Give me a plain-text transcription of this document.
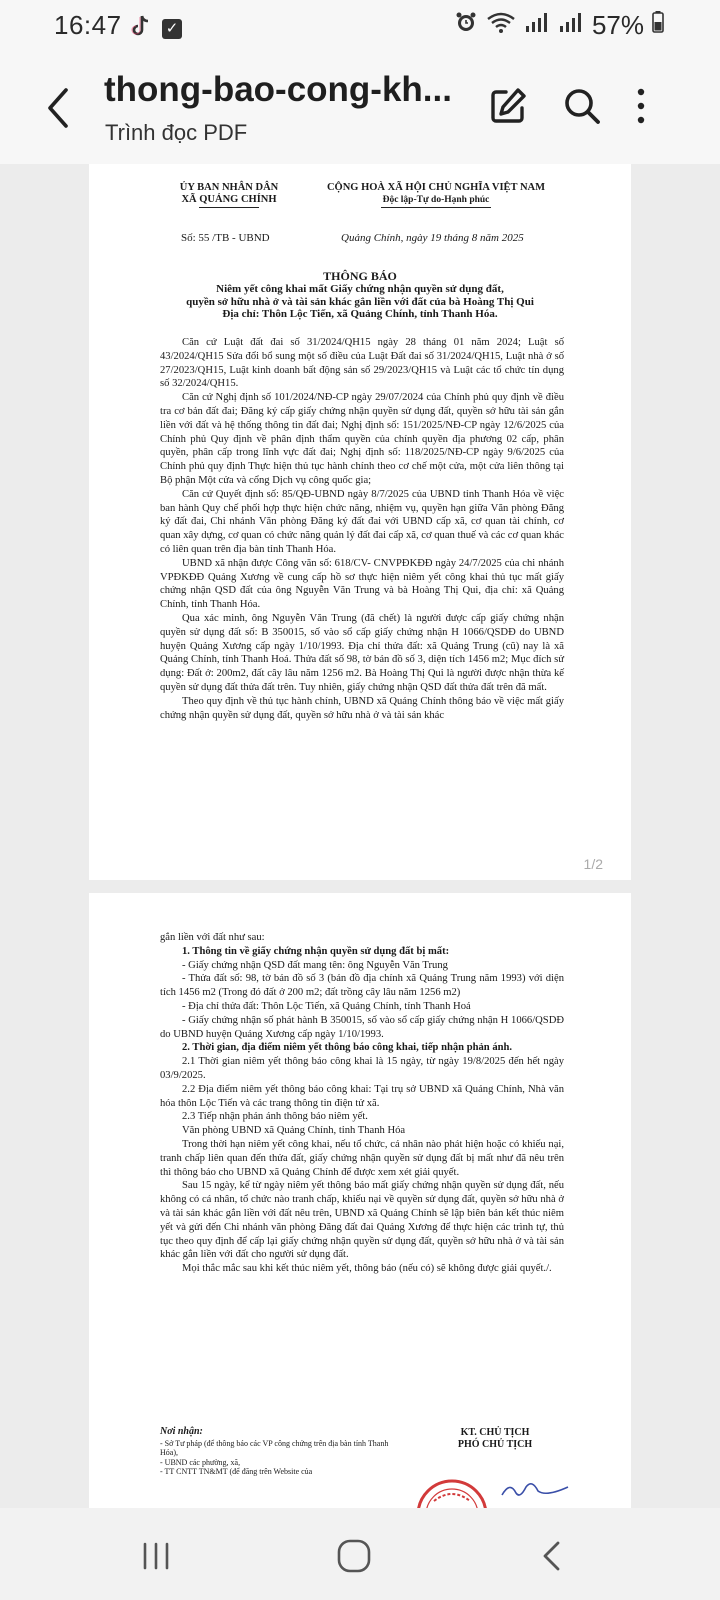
16:47	✓	57%
thong-bao-cong-kh...
Trình đọc PDF
ỦY BAN NHÂN DÂN
XÃ QUẢNG CHÍNH
CỘNG HOÀ XÃ HỘI CHỦ NGHĨA VIỆT NAM
Độc lập-Tự do-Hạnh phúc
Số: 55 /TB - UBND	Quảng Chính, ngày 19 tháng 8 năm 2025
THÔNG BÁO
Niêm yết công khai mất Giấy chứng nhận quyền sử dụng đất,
quyền sở hữu nhà ở và tài sản khác gắn liền với đất của bà Hoàng Thị Qui
Địa chỉ: Thôn Lộc Tiến, xã Quảng Chính, tỉnh Thanh Hóa.

Căn cứ Luật đất đai số 31/2024/QH15 ngày 28 tháng 01 năm 2024; Luật số 43/2024/QH15 Sửa đổi bổ sung một số điều của Luật Đất đai số 31/2024/QH15, Luật nhà ở số 27/2023/QH15, Luật kinh doanh bất động sản số 29/2023/QH15 và Luật các tổ chức tín dụng số 32/2024/QH15.

Căn cứ Nghị định số 101/2024/NĐ-CP ngày 29/07/2024 của Chính phủ quy định về điều tra cơ bản đất đai; Đăng ký cấp giấy chứng nhận quyền sử dụng đất, quyền sở hữu tài sản gắn liền với đất và hệ thống thông tin đất đai; Nghị định số: 151/2025/NĐ-CP ngày 12/6/2025 của Chính phủ Quy định về phân định thẩm quyền của chính quyền địa phương 02 cấp, phân quyền, phân cấp trong lĩnh vực đất đai; Nghị định số: 118/2025/NĐ-CP ngày 9/6/2025 của Chính phủ quy định Thực hiện thủ tục hành chính theo cơ chế một cửa, một cửa liên thông tại Bộ phận Một cửa và cổng Dịch vụ công quốc gia;

Căn cứ Quyết định số: 85/QĐ-UBND ngày 8/7/2025 của UBND tỉnh Thanh Hóa về việc ban hành Quy chế phối hợp thực hiện chức năng, nhiệm vụ, quyền hạn giữa Văn phòng Đăng ký đất đai, Chi nhánh Văn phòng Đăng ký đất đai với UBND cấp xã, cơ quan tài chính, cơ quan xây dựng, cơ quan có chức năng quản lý đất đai cấp xã, cơ quan thuế và các cơ quan khác có liên quan trên địa bàn tỉnh Thanh Hóa.

UBND xã nhận được Công văn số: 618/CV- CNVPĐKĐĐ ngày 24/7/2025 của chi nhánh VPĐKĐĐ Quảng Xương về cung cấp hồ sơ thực hiện niêm yết công khai thủ tục mất giấy chứng nhận QSD đất của ông Nguyễn Văn Trung và bà Hoàng Thị Qui, địa chỉ: xã Quảng Chính, tỉnh Thanh Hóa.

Qua xác minh, ông Nguyễn Văn Trung (đã chết) là người được cấp giấy chứng nhận quyền sử dụng đất số: B 350015, số vào sổ cấp giấy chứng nhận H 1066/QSDĐ do UBND huyện Quảng Xương cấp ngày 1/10/1993. Địa chỉ thửa đất: xã Quảng Trung (cũ) nay là xã Quảng Chính, tỉnh Thanh Hoá. Thửa đất số 98, tờ bản đồ số 3, diện tích 1456 m2; Mục đích sử dụng: Đất ở: 200m2, đất cây lâu năm 1256 m2. Bà Hoàng Thị Qui là người được nhận thừa kế quyền sử dụng đất thửa đất trên. Tuy nhiên, giấy chứng nhận QSD đất thửa đất trên đã mất.

Theo quy định về thủ tục hành chính, UBND xã Quảng Chính thông báo về việc mất giấy chứng nhận quyền sử dụng đất, quyền sở hữu nhà ở và tài sản khác

1/2

gắn liền với đất như sau:

1. Thông tin về giấy chứng nhận quyền sử dụng đất bị mất:

- Giấy chứng nhận QSD đất mang tên: ông Nguyễn Văn Trung

- Thửa đất số: 98, tờ bản đồ số 3 (bản đồ địa chính xã Quảng Trung năm 1993) với diện tích 1456 m2 (Trong đó đất ở 200 m2; đất trồng cây lâu năm 1256 m2)

- Địa chỉ thửa đất: Thôn Lộc Tiến, xã Quảng Chính, tỉnh Thanh Hoá

- Giấy chứng nhận số phát hành B 350015, số vào sổ cấp giấy chứng nhận H 1066/QSDĐ do UBND huyện Quảng Xương cấp ngày 1/10/1993.

2. Thời gian, địa điểm niêm yết thông báo công khai, tiếp nhận phản ánh.

2.1 Thời gian niêm yết thông báo công khai là 15 ngày, từ ngày 19/8/2025 đến hết ngày 03/9/2025.

2.2 Địa điểm niêm yết thông báo công khai: Tại trụ sở UBND xã Quảng Chính, Nhà văn hóa thôn Lộc Tiến và các trang thông tin điện tử xã.

2.3 Tiếp nhận phản ánh thông báo niêm yết.

Văn phòng UBND xã Quảng Chính, tỉnh Thanh Hóa

Trong thời hạn niêm yết công khai, nếu tổ chức, cá nhân nào phát hiện hoặc có khiếu nại, tranh chấp liên quan đến thửa đất, giấy chứng nhận quyền sử dụng đất bị mất như đã nêu trên thì thông báo cho UBND xã Quảng Chính để được xem xét giải quyết.

Sau 15 ngày, kể từ ngày niêm yết thông báo mất giấy chứng nhận quyền sử dụng đất, nếu không có cá nhân, tổ chức nào tranh chấp, khiếu nại về quyền sử dụng đất, quyền sở hữu nhà ở và tài sản khác gắn liền với đất nêu trên, UBND xã Quảng Chính sẽ lập biên bản kết thúc niêm yết và gửi đến Chi nhánh văn phòng Đăng đất đai Quảng Xương để thực hiện các trình tự, thủ tục theo quy định để cấp lại giấy chứng nhận quyền sử dụng đất, quyền sở hữu nhà ở và tài sản khác gắn liền với đất cho người sử dụng đất.

Mọi thắc mắc sau khi kết thúc niêm yết, thông báo (nếu có) sẽ không được giải quyết./.

Nơi nhận:
- Sở Tư pháp (để thông báo các VP công chứng trên địa bàn tỉnh Thanh Hóa),
- UBND các phường, xã,
- TT CNTT TN&MT (để đăng trên Website của
KT. CHỦ TỊCH
PHÓ CHỦ TỊCH
